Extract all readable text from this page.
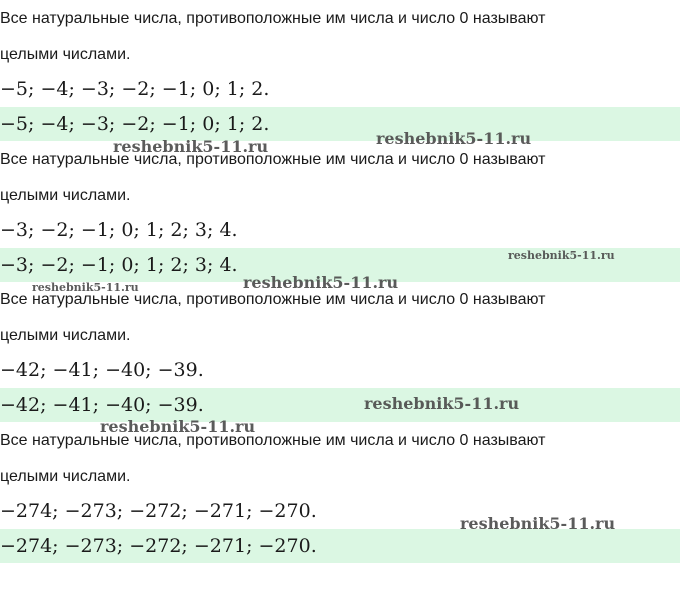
Все натуральные числа, противоположные им числа и число 0 называют
целыми числами.
−5; −4; −3; −2; −1; 0; 1; 2.
−5; −4; −3; −2; −1; 0; 1; 2.
Все натуральные числа, противоположные им числа и число 0 называют
целыми числами.
−3; −2; −1; 0; 1; 2; 3; 4.
−3; −2; −1; 0; 1; 2; 3; 4.
Все натуральные числа, противоположные им числа и число 0 называют
целыми числами.
−42; −41; −40; −39.
−42; −41; −40; −39.
Все натуральные числа, противоположные им числа и число 0 называют
целыми числами.
−274; −273; −272; −271; −270.
−274; −273; −272; −271; −270.
reshebnik5-11.ru
reshebnik5-11.ru
reshebnik5-11.ru
reshebnik5-11.ru
reshebnik5-11.ru
reshebnik5-11.ru
reshebnik5-11.ru
reshebnik5-11.ru
